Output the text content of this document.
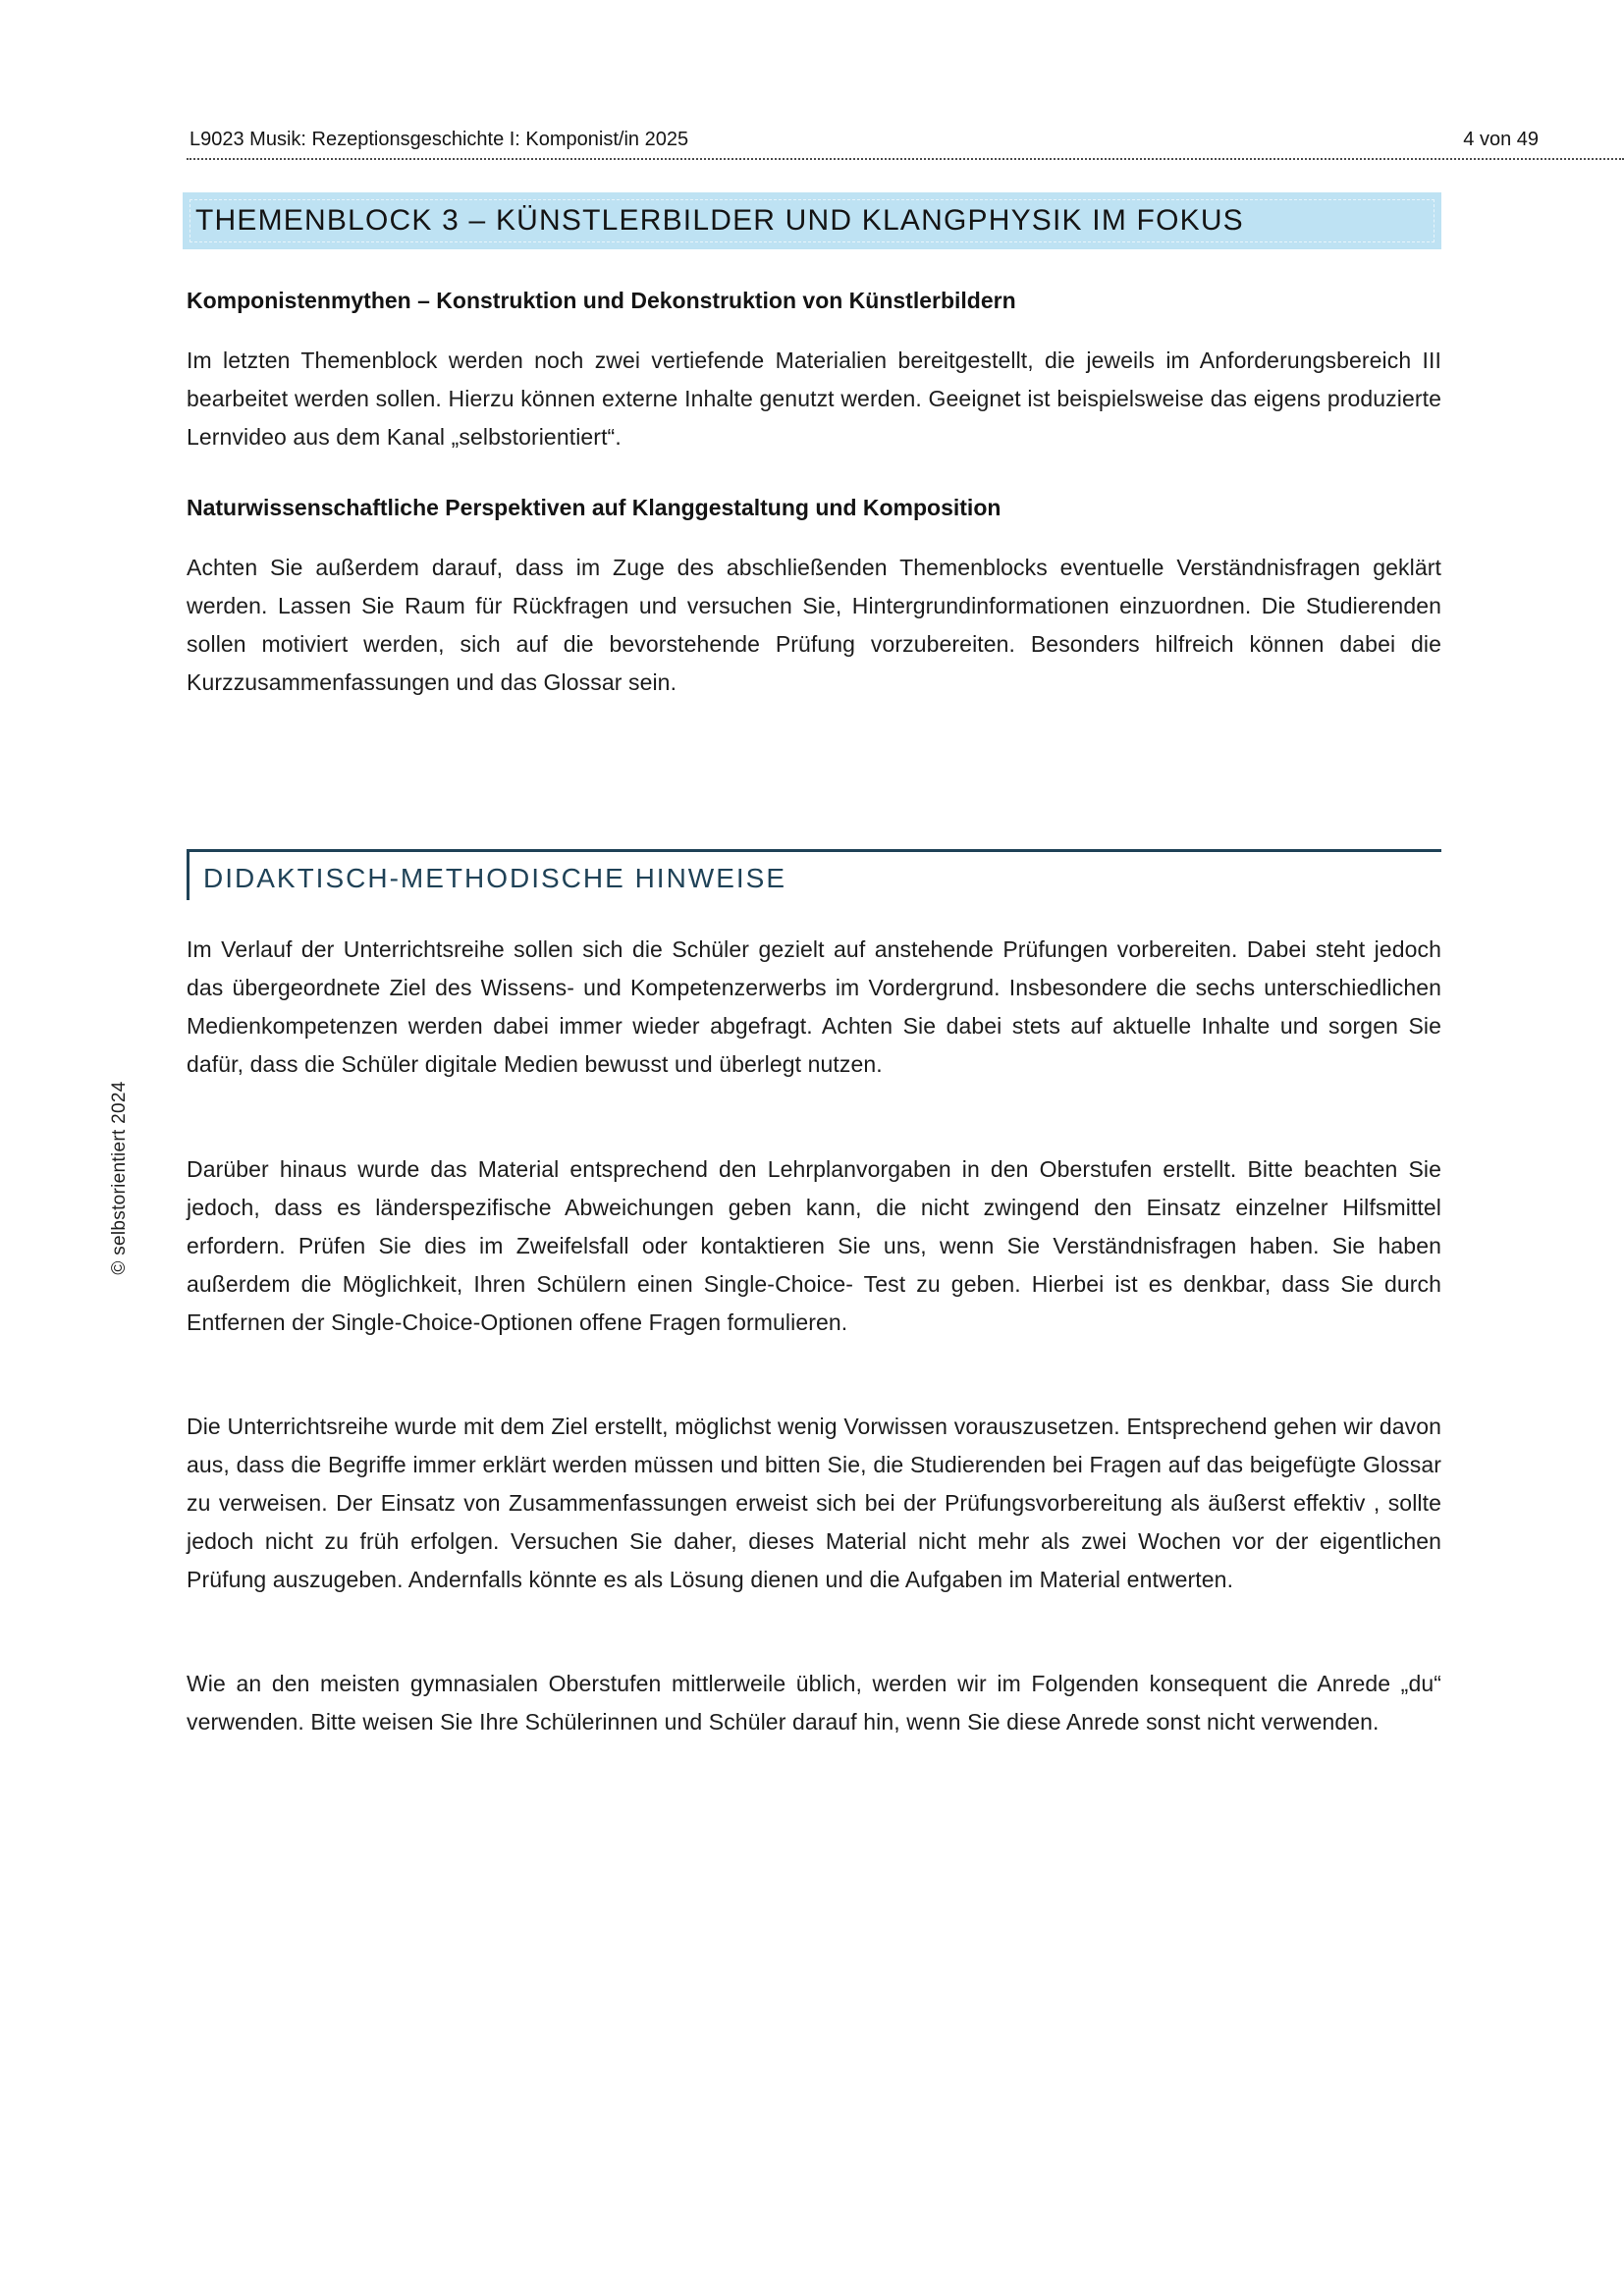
L9023 Musik: Rezeptionsgeschichte I: Komponist/in 2025	4 von 49
THEMENBLOCK 3 – KÜNSTLERBILDER UND KLANGPHYSIK IM FOKUS
Komponistenmythen – Konstruktion und Dekonstruktion von Künstlerbildern
Im letzten Themenblock werden noch zwei vertiefende Materialien bereitgestellt, die jeweils im Anforderungsbereich III bearbeitet werden sollen. Hierzu können externe Inhalte genutzt werden. Geeignet ist beispielsweise das eigens produzierte Lernvideo aus dem Kanal „selbstorientiert“.
Naturwissenschaftliche Perspektiven auf Klanggestaltung und Komposition
Achten Sie außerdem darauf, dass im Zuge des abschließenden Themenblocks eventuelle Verständnisfragen geklärt werden. Lassen Sie Raum für Rückfragen und versuchen Sie, Hintergrundinformationen einzuordnen. Die Studierenden sollen motiviert werden, sich auf die bevorstehende Prüfung vorzubereiten. Besonders hilfreich können dabei die Kurzzusammenfassungen und das Glossar sein.
DIDAKTISCH-METHODISCHE HINWEISE
Im Verlauf der Unterrichtsreihe sollen sich die Schüler gezielt auf anstehende Prüfungen vorbereiten. Dabei steht jedoch das übergeordnete Ziel des Wissens- und Kompetenzerwerbs im Vordergrund. Insbesondere die sechs unterschiedlichen Medienkompetenzen werden dabei immer wieder abgefragt. Achten Sie dabei stets auf aktuelle Inhalte und sorgen Sie dafür, dass die Schüler digitale Medien bewusst und überlegt nutzen.
Darüber hinaus wurde das Material entsprechend den Lehrplanvorgaben in den Oberstufen erstellt. Bitte beachten Sie jedoch, dass es länderspezifische Abweichungen geben kann, die nicht zwingend den Einsatz einzelner Hilfsmittel erfordern. Prüfen Sie dies im Zweifelsfall oder kontaktieren Sie uns, wenn Sie Verständnisfragen haben. Sie haben außerdem die Möglichkeit, Ihren Schülern einen Single-Choice- Test zu geben. Hierbei ist es denkbar, dass Sie durch Entfernen der Single-Choice-Optionen offene Fragen formulieren.
Die Unterrichtsreihe wurde mit dem Ziel erstellt, möglichst wenig Vorwissen vorauszusetzen. Entsprechend gehen wir davon aus, dass die Begriffe immer erklärt werden müssen und bitten Sie, die Studierenden bei Fragen auf das beigefügte Glossar zu verweisen. Der Einsatz von Zusammenfassungen erweist sich bei der Prüfungsvorbereitung als äußerst effektiv , sollte jedoch nicht zu früh erfolgen. Versuchen Sie daher, dieses Material nicht mehr als zwei Wochen vor der eigentlichen Prüfung auszugeben. Andernfalls könnte es als Lösung dienen und die Aufgaben im Material entwerten.
Wie an den meisten gymnasialen Oberstufen mittlerweile üblich, werden wir im Folgenden konsequent die Anrede „du“ verwenden. Bitte weisen Sie Ihre Schülerinnen und Schüler darauf hin, wenn Sie diese Anrede sonst nicht verwenden.
© selbstorientiert 2024
